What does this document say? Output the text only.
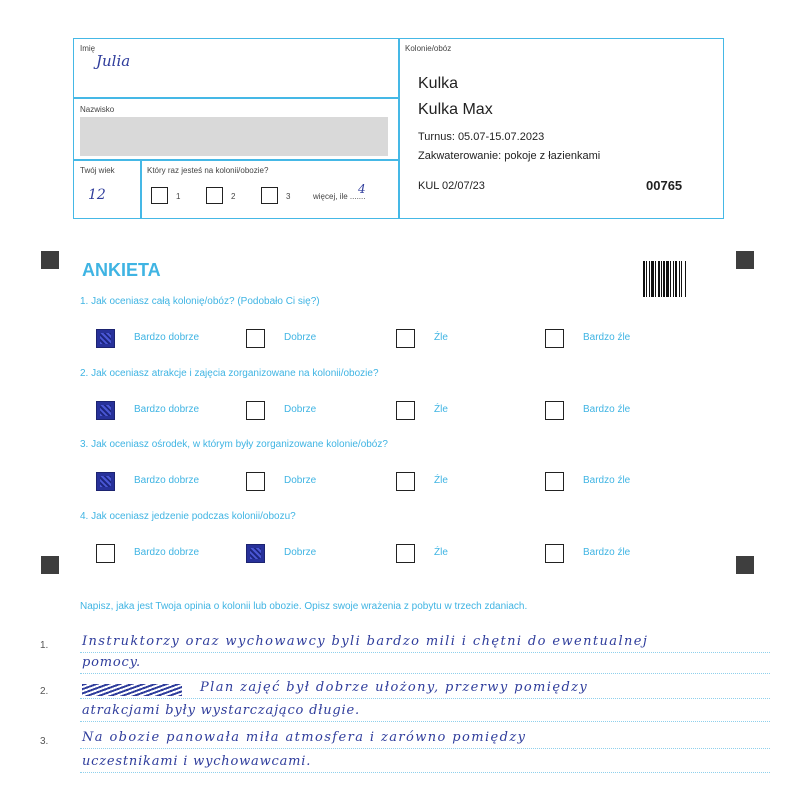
Imię
Julia
Nazwisko
Twój wiek
12
Który raz jesteś na kolonii/obozie?
1	2	3	więcej, ile .......
4
Kolonie/obóz
Kulka
Kulka Max
Turnus: 05.07-15.07.2023
Zakwaterowanie: pokoje z łazienkami
KUL 02/07/23	00765
ANKIETA
1. Jak oceniasz całą kolonię/obóz? (Podobało Ci się?)
Bardzo dobrze	Dobrze	Źle	Bardzo źle
2. Jak oceniasz atrakcje i zajęcia zorganizowane na kolonii/obozie?
Bardzo dobrze	Dobrze	Źle	Bardzo źle
3. Jak oceniasz ośrodek, w którym były zorganizowane kolonie/obóz?
Bardzo dobrze	Dobrze	Źle	Bardzo źle
4. Jak oceniasz jedzenie podczas kolonii/obozu?
Bardzo dobrze	Dobrze	Źle	Bardzo źle
Napisz, jaka jest Twoja opinia o kolonii lub obozie. Opisz swoje wrażenia z pobytu w trzech zdaniach.
1.
2.
3.
Instruktorzy oraz wychowawcy byli bardzo mili i chętni do ewentualnej
pomocy.
Plan zajęć był dobrze ułożony, przerwy pomiędzy
atrakcjami były wystarczająco długie.
Na obozie panowała miła atmosfera i zarówno pomiędzy
uczestnikami i wychowawcami.
